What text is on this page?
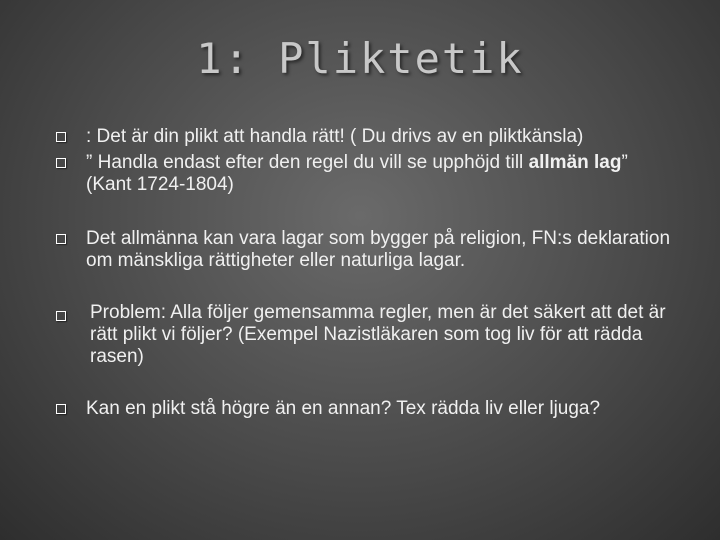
1: Pliktetik
: Det är din plikt att handla rätt! ( Du drivs av en pliktkänsla)
” Handla endast efter den regel du vill se upphöjd till allmän lag” (Kant 1724-1804)
Det allmänna kan vara lagar som bygger på religion, FN:s deklaration om mänskliga rättigheter eller naturliga lagar.
Problem: Alla följer gemensamma regler, men är det säkert att det är rätt plikt vi följer? (Exempel Nazistläkaren som tog liv för att rädda rasen)
Kan en plikt stå högre än en annan? Tex rädda liv eller ljuga?
